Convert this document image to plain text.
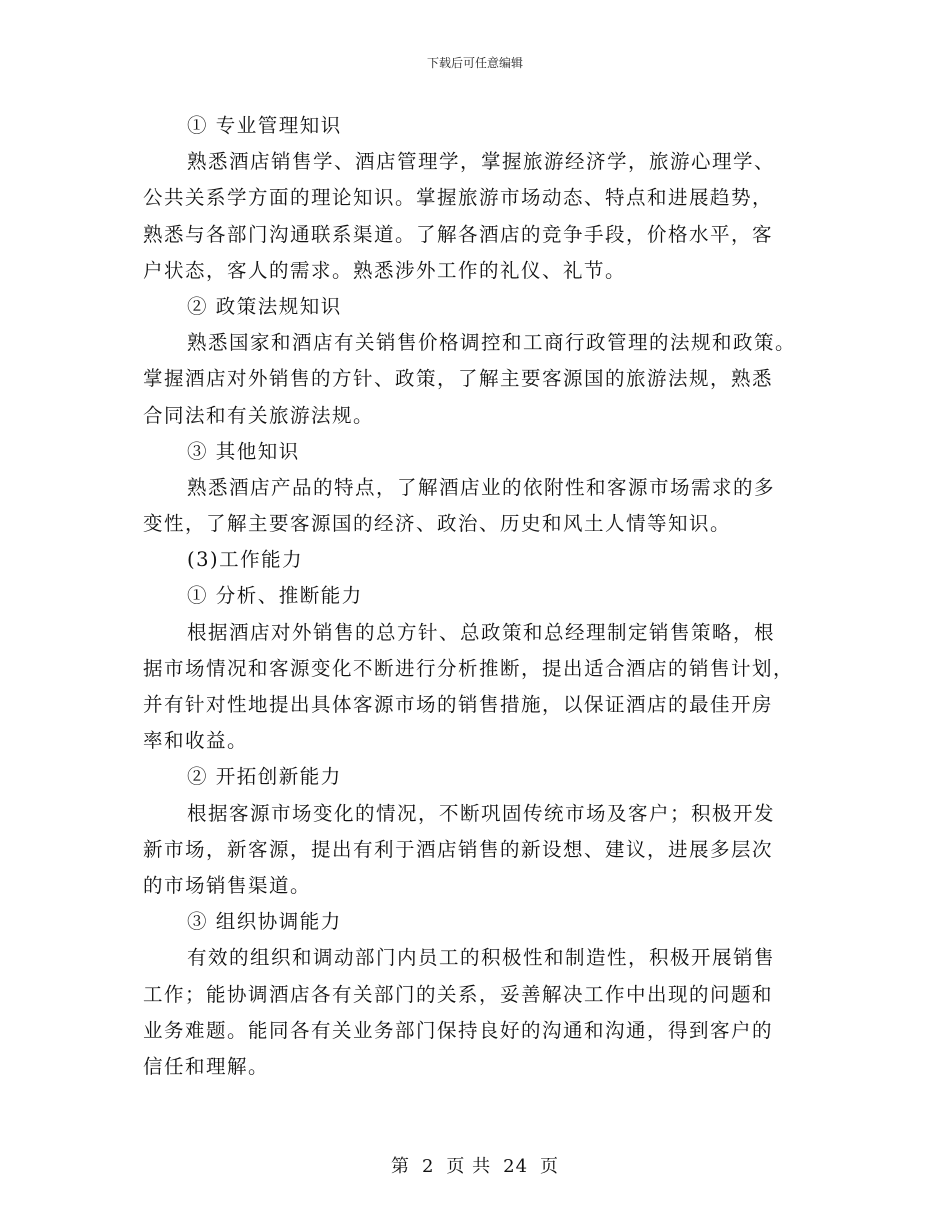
下载后可任意编辑
① 专业管理知识
熟悉酒店销售学、酒店管理学，掌握旅游经济学，旅游心理学、
公共关系学方面的理论知识。掌握旅游市场动态、特点和进展趋势，
熟悉与各部门沟通联系渠道。了解各酒店的竞争手段，价格水平，客
户状态，客人的需求。熟悉涉外工作的礼仪、礼节。
② 政策法规知识
熟悉国家和酒店有关销售价格调控和工商行政管理的法规和政策。
掌握酒店对外销售的方针、政策，了解主要客源国的旅游法规，熟悉
合同法和有关旅游法规。
③ 其他知识
熟悉酒店产品的特点，了解酒店业的依附性和客源市场需求的多
变性，了解主要客源国的经济、政治、历史和风土人情等知识。
(3)工作能力
① 分析、推断能力
根据酒店对外销售的总方针、总政策和总经理制定销售策略，根
据市场情况和客源变化不断进行分析推断，提出适合酒店的销售计划，
并有针对性地提出具体客源市场的销售措施，以保证酒店的最佳开房
率和收益。
② 开拓创新能力
根据客源市场变化的情况，不断巩固传统市场及客户；积极开发
新市场，新客源，提出有利于酒店销售的新设想、建议，进展多层次
的市场销售渠道。
③ 组织协调能力
有效的组织和调动部门内员工的积极性和制造性，积极开展销售
工作；能协调酒店各有关部门的关系，妥善解决工作中出现的问题和
业务难题。能同各有关业务部门保持良好的沟通和沟通，得到客户的
信任和理解。
第 2 页 共 24 页
